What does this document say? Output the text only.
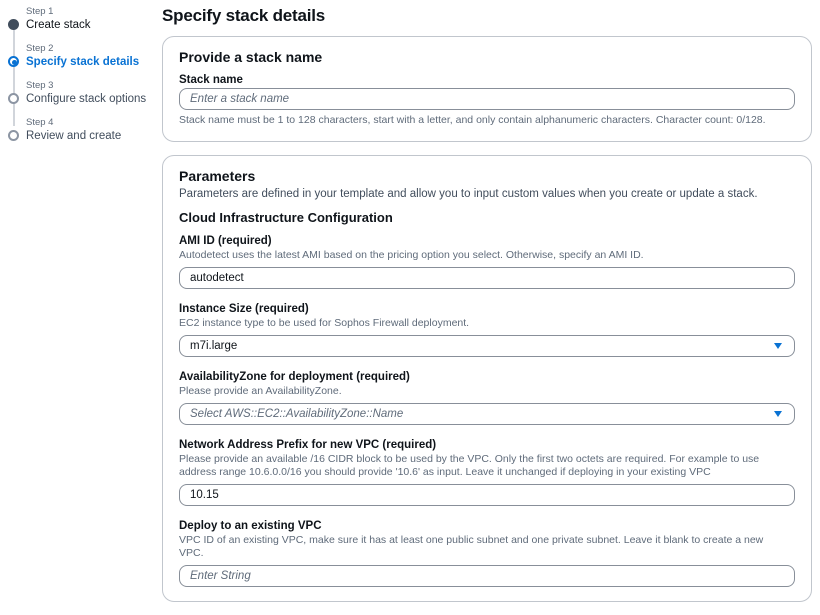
Step 1
Create stack
Step 2
Specify stack details
Step 3
Configure stack options
Step 4
Review and create
Specify stack details
Provide a stack name
Stack name
Enter a stack name
Stack name must be 1 to 128 characters, start with a letter, and only contain alphanumeric characters. Character count: 0/128.
Parameters
Parameters are defined in your template and allow you to input custom values when you create or update a stack.
Cloud Infrastructure Configuration
AMI ID (required)
Autodetect uses the latest AMI based on the pricing option you select. Otherwise, specify an AMI ID.
autodetect
Instance Size (required)
EC2 instance type to be used for Sophos Firewall deployment.
m7i.large
AvailabilityZone for deployment (required)
Please provide an AvailabilityZone.
Select AWS::EC2::AvailabilityZone::Name
Network Address Prefix for new VPC (required)
Please provide an available /16 CIDR block to be used by the VPC. Only the first two octets are required. For example to use address range 10.6.0.0/16 you should provide '10.6' as input. Leave it unchanged if deploying in your existing VPC
10.15
Deploy to an existing VPC
VPC ID of an existing VPC, make sure it has at least one public subnet and one private subnet. Leave it blank to create a new VPC.
Enter String
